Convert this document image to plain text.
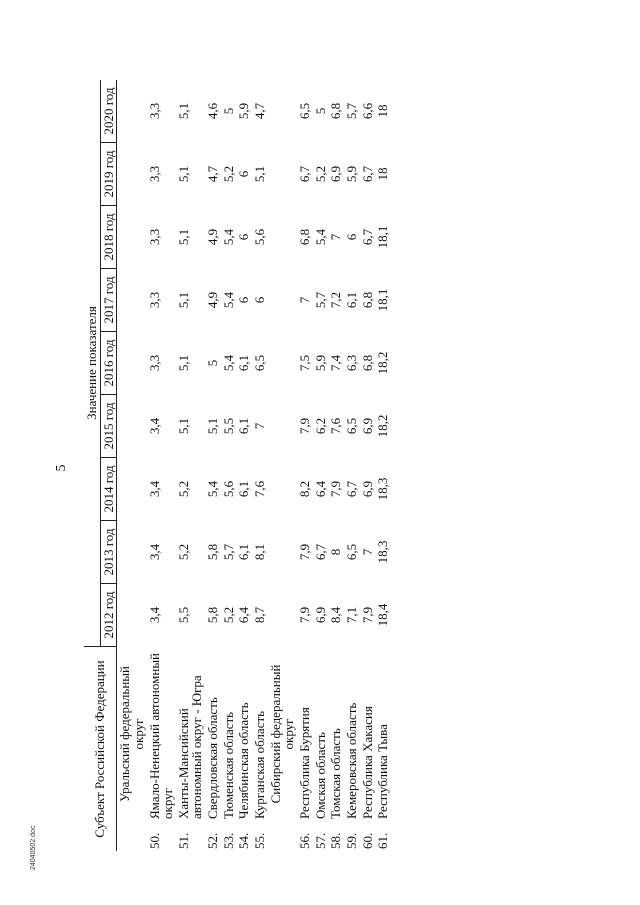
5
24040502.doc
Субъект Российской Федерации		Значение показателя								
		2012 год	2013 год	2014 год	2015 год	2016 год	2017 год	2018 год	2019 год	2020 год
	Уральский федеральный округ									
50.	Ямало-Ненецкий автономный округ	3,4	3,4	3,4	3,4	3,3	3,3	3,3	3,3	3,3
51.	Ханты-Мансийский автономный округ - Югра	5,5	5,2	5,2	5,1	5,1	5,1	5,1	5,1	5,1
52.	Свердловская область	5,8	5,8	5,4	5,1	5	4,9	4,9	4,7	4,6
53.	Тюменская область	5,2	5,7	5,6	5,5	5,4	5,4	5,4	5,2	5
54.	Челябинская область	6,4	6,1	6,1	6,1	6,1	6	6	6	5,9
55.	Курганская область	8,7	8,1	7,6	7	6,5	6	5,6	5,1	4,7
	Сибирский федеральный округ									
56.	Республика Бурятия	7,9	7,9	8,2	7,9	7,5	7	6,8	6,7	6,5
57.	Омская область	6,9	6,7	6,4	6,2	5,9	5,7	5,4	5,2	5
58.	Томская область	8,4	8	7,9	7,6	7,4	7,2	7	6,9	6,8
59.	Кемеровская область	7,1	6,5	6,7	6,5	6,3	6,1	6	5,9	5,7
60.	Республика Хакасия	7,9	7	6,9	6,9	6,8	6,8	6,7	6,7	6,6
61.	Республика Тыва	18,4	18,3	18,3	18,2	18,2	18,1	18,1	18	18
